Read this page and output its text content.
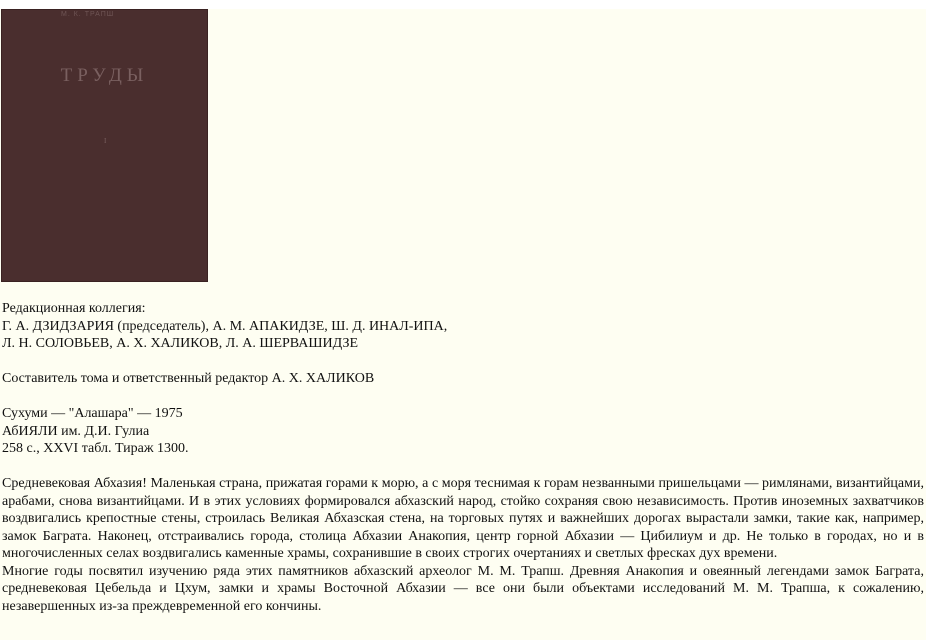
М. К. ТРАПШ
ТРУДЫ
I

Редакционная коллегия:

Г. А. ДЗИДЗАРИЯ (председатель), А. М. АПАКИДЗЕ, Ш. Д. ИНАЛ-ИПА,

Л. Н. СОЛОВЬЕВ, А. Х. ХАЛИКОВ, Л. А. ШЕРВАШИДЗЕ

Составитель тома и ответственный редактор А. Х. ХАЛИКОВ

Сухуми — "Алашара" — 1975

АбИЯЛИ им. Д.И. Гулиа

258 с., XXVI табл. Тираж 1300.

Средневековая Абхазия! Маленькая страна, прижатая горами к морю, а с моря теснимая к горам незванными пришельцами — римлянами, византийцами, арабами, снова византийцами. И в этих условиях формировался абхазский народ, стойко сохраняя свою независимость. Против иноземных захватчиков воздвигались крепостные стены, строилась Великая Абхазская стена, на торговых путях и важнейших дорогах вырастали замки, такие как, например, замок Баграта. Наконец, отстраивались города, столица Абхазии Анакопия, центр горной Абхазии — Цибилиум и др. Не только в городах, но и в многочисленных селах воздвигались каменные храмы, сохранившие в своих строгих очертаниях и светлых фресках дух времени.

Многие годы посвятил изучению ряда этих памятников абхазский археолог М. М. Трапш. Древняя Анакопия и овеянный легендами замок Баграта, средневековая Цебельда и Цхум, замки и храмы Восточной Абхазии — все они были объектами исследований М. М. Трапша, к сожалению, незавершенных из-за преждевременной его кончины.
